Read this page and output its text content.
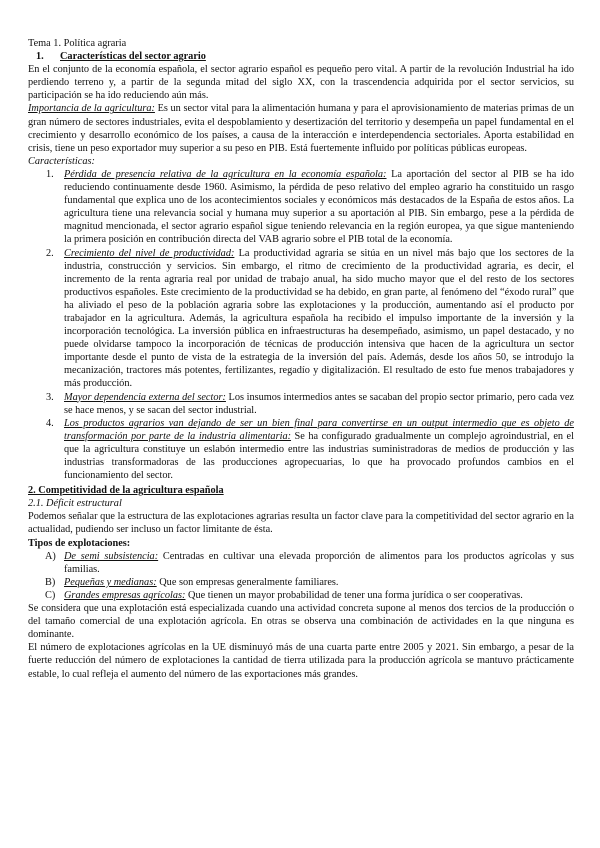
Tema 1. Política agraria

1. Características del sector agrario

En el conjunto de la economía española, el sector agrario español es pequeño pero vital. A partir de la revolución Industrial ha ido perdiendo terreno y, a partir de la segunda mitad del siglo XX, con la trascendencia adquirida por el sector servicios, su participación se ha ido reduciendo aún más.

Importancia de la agricultura: Es un sector vital para la alimentación humana y para el aprovisionamiento de materias primas de un gran número de sectores industriales, evita el despoblamiento y desertización del territorio y desempeña un papel fundamental en el crecimiento y desarrollo económico de los países, a causa de la interacción e interdependencia sectoriales. Aporta estabilidad en crisis, tiene un peso exportador muy superior a su peso en PIB. Está fuertemente influido por políticas públicas europeas.

Características:

1. Pérdida de presencia relativa de la agricultura en la economía española: La aportación del sector al PIB se ha ido reduciendo continuamente desde 1960. Asimismo, la pérdida de peso relativo del empleo agrario ha constituido un rasgo fundamental que explica uno de los acontecimientos sociales y económicos más destacados de la España de estos años. La agricultura tiene una relevancia social y humana muy superior a su aportación al PIB. Sin embargo, pese a la pérdida de magnitud mencionada, el sector agrario español sigue teniendo relevancia en la región europea, ya que sigue manteniendo la primera posición en contribución directa del VAB agrario sobre el PIB total de la economía.
2. Crecimiento del nivel de productividad: La productividad agraria se sitúa en un nivel más bajo que los sectores de la industria, construcción y servicios. Sin embargo, el ritmo de crecimiento de la productividad agraria, es decir, el incremento de la renta agraria real por unidad de trabajo anual, ha sido mucho mayor que el del resto de los sectores productivos españoles. Este crecimiento de la productividad se ha debido, en gran parte, al fenómeno del “éxodo rural” que ha aliviado el peso de la población agraria sobre las explotaciones y la producción, aumentando así el producto por trabajador en la agricultura. Además, la agricultura española ha recibido el impulso importante de la inversión y la incorporación tecnológica. La inversión pública en infraestructuras ha desempeñado, asimismo, un papel destacado, y no puede olvidarse tampoco la incorporación de técnicas de producción intensiva que hacen de la agricultura un sector importante desde el punto de vista de la estrategia de la inversión del país. Además, desde los años 50, se introdujo la mecanización, tractores más potentes, fertilizantes, regadío y digitalización. El resultado de esto fue menos trabajadores y más producción.
3. Mayor dependencia externa del sector: Los insumos intermedios antes se sacaban del propio sector primario, pero cada vez se hace menos, y se sacan del sector industrial.
4. Los productos agrarios van dejando de ser un bien final para convertirse en un output intermedio que es objeto de transformación por parte de la industria alimentaria: Se ha configurado gradualmente un complejo agroindustrial, en el que la agricultura constituye un eslabón intermedio entre las industrias suministradoras de medios de producción y las industrias transformadoras de las producciones agropecuarias, lo que ha provocado profundos cambios en el funcionamiento del sector.

2. Competitividad de la agricultura española

2.1. Déficit estructural

Podemos señalar que la estructura de las explotaciones agrarias resulta un factor clave para la competitividad del sector agrario en la actualidad, pudiendo ser incluso un factor limitante de ésta.

Tipos de explotaciones:

A) De semi subsistencia: Centradas en cultivar una elevada proporción de alimentos para los productos agrícolas y sus familias.
B) Pequeñas y medianas: Que son empresas generalmente familiares.
C) Grandes empresas agrícolas: Que tienen un mayor probabilidad de tener una forma jurídica o ser cooperativas.

Se considera que una explotación está especializada cuando una actividad concreta supone al menos dos tercios de la producción o del tamaño comercial de una explotación agrícola. En otras se observa una combinación de actividades en la que ninguna es dominante.

El número de explotaciones agrícolas en la UE disminuyó más de una cuarta parte entre 2005 y 2021. Sin embargo, a pesar de la fuerte reducción del número de explotaciones la cantidad de tierra utilizada para la producción agrícola se mantuvo prácticamente estable, lo cual refleja el aumento del número de las exportaciones más grandes.
